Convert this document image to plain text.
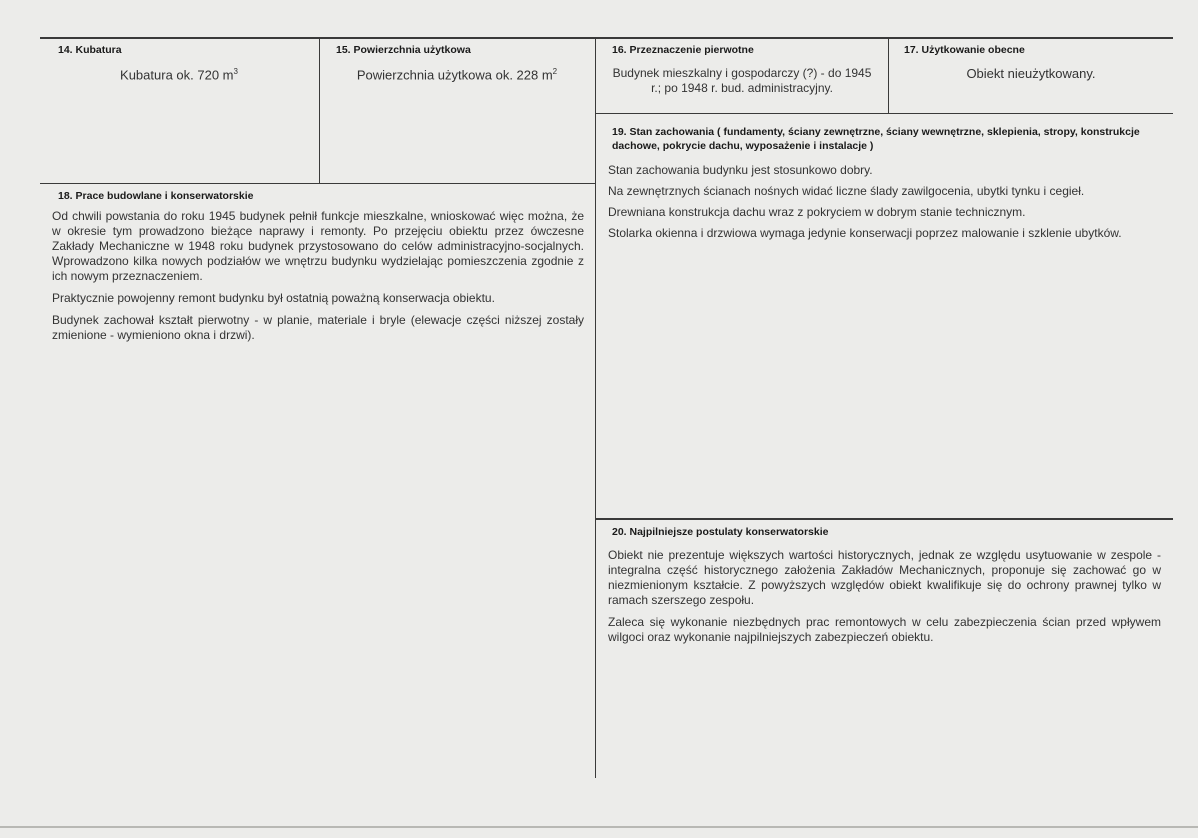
14. Kubatura
Kubatura ok. 720 $m^3$
15. Powierzchnia użytkowa
Powierzchnia użytkowa ok. 228 $m^2$
16. Przeznaczenie pierwotne
Budynek mieszkalny i gospodarczy (?) - do 1945 r.; po 1948 r. bud. administracyjny.
17. Użytkowanie obecne
Obiekt nieużytkowany.
19. Stan zachowania ( fundamenty, ściany zewnętrzne, ściany wewnętrzne, sklepienia, stropy, konstrukcje dachowe, pokrycie dachu, wyposażenie i instalacje )

Stan zachowania budynku jest stosunkowo dobry.

Na zewnętrznych ścianach nośnych widać liczne ślady zawilgocenia, ubytki tynku i cegieł.

Drewniana konstrukcja dachu wraz z pokryciem w dobrym stanie technicznym.

Stolarka okienna i drzwiowa wymaga jedynie konserwacji poprzez malowanie i szklenie ubytków.

18. Prace budowlane i konserwatorskie

Od chwili powstania do roku 1945 budynek pełnił funkcje mieszkalne, wnioskować więc można, że w okresie tym prowadzono bieżące naprawy i remonty. Po przejęciu obiektu przez ówczesne Zakłady Mechaniczne w 1948 roku budynek przystosowano do celów administracyjno-socjalnych. Wprowadzono kilka nowych podziałów we wnętrzu budynku wydzielając pomieszczenia zgodnie z ich nowym przeznaczeniem.

Praktycznie powojenny remont budynku był ostatnią poważną konserwacja obiektu.

Budynek zachował kształt pierwotny - w planie, materiale i bryle (elewacje części niższej zostały zmienione - wymieniono okna i drzwi).

20. Najpilniejsze postulaty konserwatorskie

Obiekt nie prezentuje większych wartości historycznych, jednak ze względu usytuowanie w zespole - integralna część historycznego założenia Zakładów Mechanicznych, proponuje się zachować go w niezmienionym kształcie. Z powyższych względów obiekt kwalifikuje się do ochrony prawnej tylko w ramach szerszego zespołu.

Zaleca się wykonanie niezbędnych prac remontowych w celu zabezpieczenia ścian przed wpływem wilgoci oraz wykonanie najpilniejszych zabezpieczeń obiektu.
